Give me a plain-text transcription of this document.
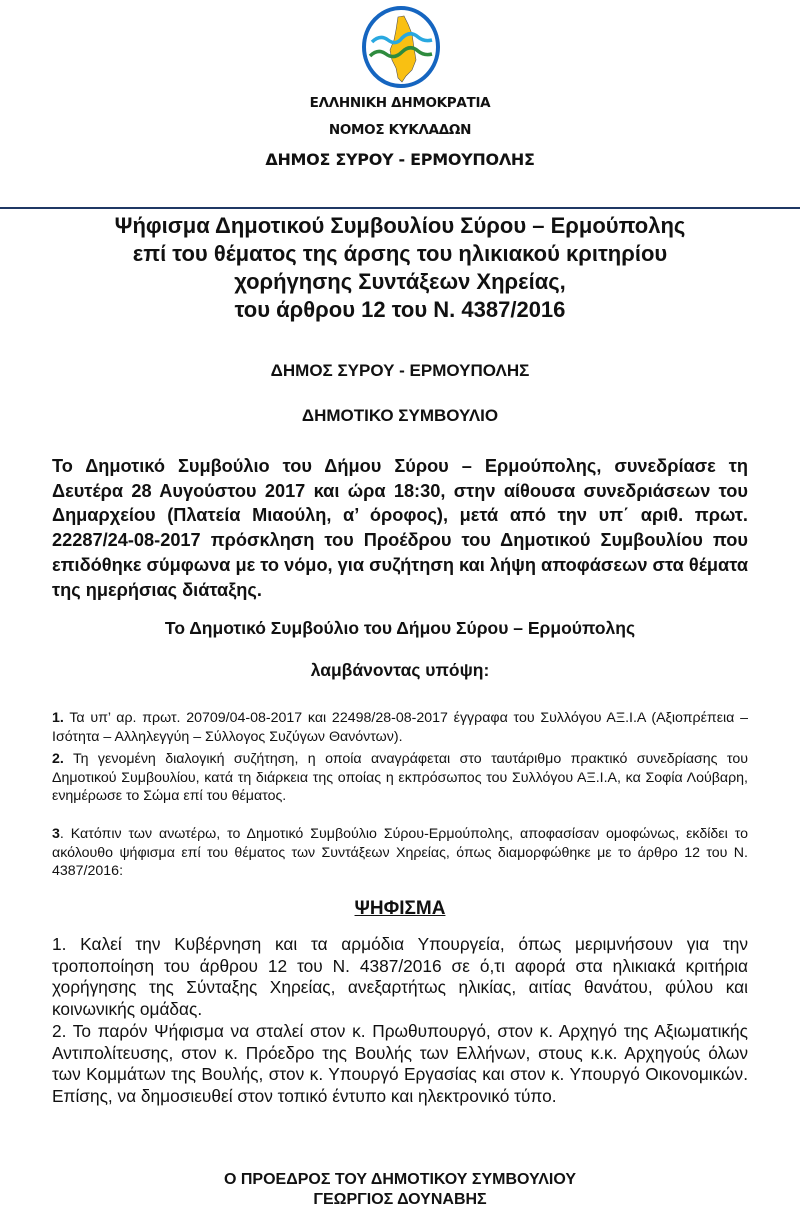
ΕΛΛΗΝΙΚΗ ΔΗΜΟΚΡΑΤΙΑ
ΝΟΜΟΣ ΚΥΚΛΑΔΩΝ
ΔΗΜΟΣ ΣΥΡΟΥ - ΕΡΜΟΥΠΟΛΗΣ
Ψήφισμα Δημοτικού Συμβουλίου Σύρου – Ερμούπολης
επί του θέματος της άρσης του ηλικιακού κριτηρίου
χορήγησης Συντάξεων Χηρείας,
του άρθρου 12 του Ν. 4387/2016
ΔΗΜΟΣ ΣΥΡΟΥ - ΕΡΜΟΥΠΟΛΗΣ
ΔΗΜΟΤΙΚΟ ΣΥΜΒΟΥΛΙΟ
Το Δημοτικό Συμβούλιο του Δήμου Σύρου – Ερμούπολης, συνεδρίασε τη Δευτέρα 28 Αυγούστου 2017 και ώρα 18:30, στην αίθουσα συνεδριάσεων του Δημαρχείου (Πλατεία Μιαούλη, α’ όροφος), μετά από την υπ΄ αριθ. πρωτ. 22287/24-08-2017 πρόσκληση του Προέδρου του Δημοτικού Συμβουλίου που επιδόθηκε σύμφωνα με το νόμο, για συζήτηση και λήψη αποφάσεων στα θέματα της ημερήσιας διάταξης.
Το Δημοτικό Συμβούλιο του Δήμου Σύρου – Ερμούπολης
λαμβάνοντας υπόψη:
1. Τα υπ’ αρ. πρωτ. 20709/04-08-2017 και 22498/28-08-2017 έγγραφα του Συλλόγου ΑΞ.Ι.Α (Αξιοπρέπεια – Ισότητα – Αλληλεγγύη – Σύλλογος Συζύγων Θανόντων).
2. Τη γενομένη διαλογική συζήτηση, η οποία αναγράφεται στο ταυτάριθμο πρακτικό συνεδρίασης του Δημοτικού Συμβουλίου, κατά τη διάρκεια της οποίας η εκπρόσωπος του Συλλόγου ΑΞ.Ι.Α, κα Σοφία Λούβαρη, ενημέρωσε το Σώμα επί του θέματος.
3. Κατόπιν των ανωτέρω, το Δημοτικό Συμβούλιο Σύρου-Ερμούπολης, αποφασίσαν ομοφώνως, εκδίδει το ακόλουθο ψήφισμα επί του θέματος των Συντάξεων Χηρείας, όπως διαμορφώθηκε με το άρθρο 12 του Ν. 4387/2016:
ΨΗΦΙΣΜΑ

1. Καλεί την Κυβέρνηση και τα αρμόδια Υπουργεία, όπως μεριμνήσουν για την τροποποίηση του άρθρου 12 του Ν. 4387/2016 σε ό,τι αφορά στα ηλικιακά κριτήρια χορήγησης της Σύνταξης Χηρείας, ανεξαρτήτως ηλικίας, αιτίας θανάτου, φύλου και κοινωνικής ομάδας.

2. Το παρόν Ψήφισμα να σταλεί στον κ. Πρωθυπουργό, στον κ. Αρχηγό της Αξιωματικής Αντιπολίτευσης, στον κ. Πρόεδρο της Βουλής των Ελλήνων, στους κ.κ. Αρχηγούς όλων των Κομμάτων της Βουλής, στον κ. Υπουργό Εργασίας και στον κ. Υπουργό Οικονομικών. Επίσης, να δημοσιευθεί στον τοπικό έντυπο και ηλεκτρονικό τύπο.

Ο ΠΡΟΕΔΡΟΣ ΤΟΥ ΔΗΜΟΤΙΚΟΥ ΣΥΜΒΟΥΛΙΟΥ
ΓΕΩΡΓΙΟΣ ΔΟΥΝΑΒΗΣ
